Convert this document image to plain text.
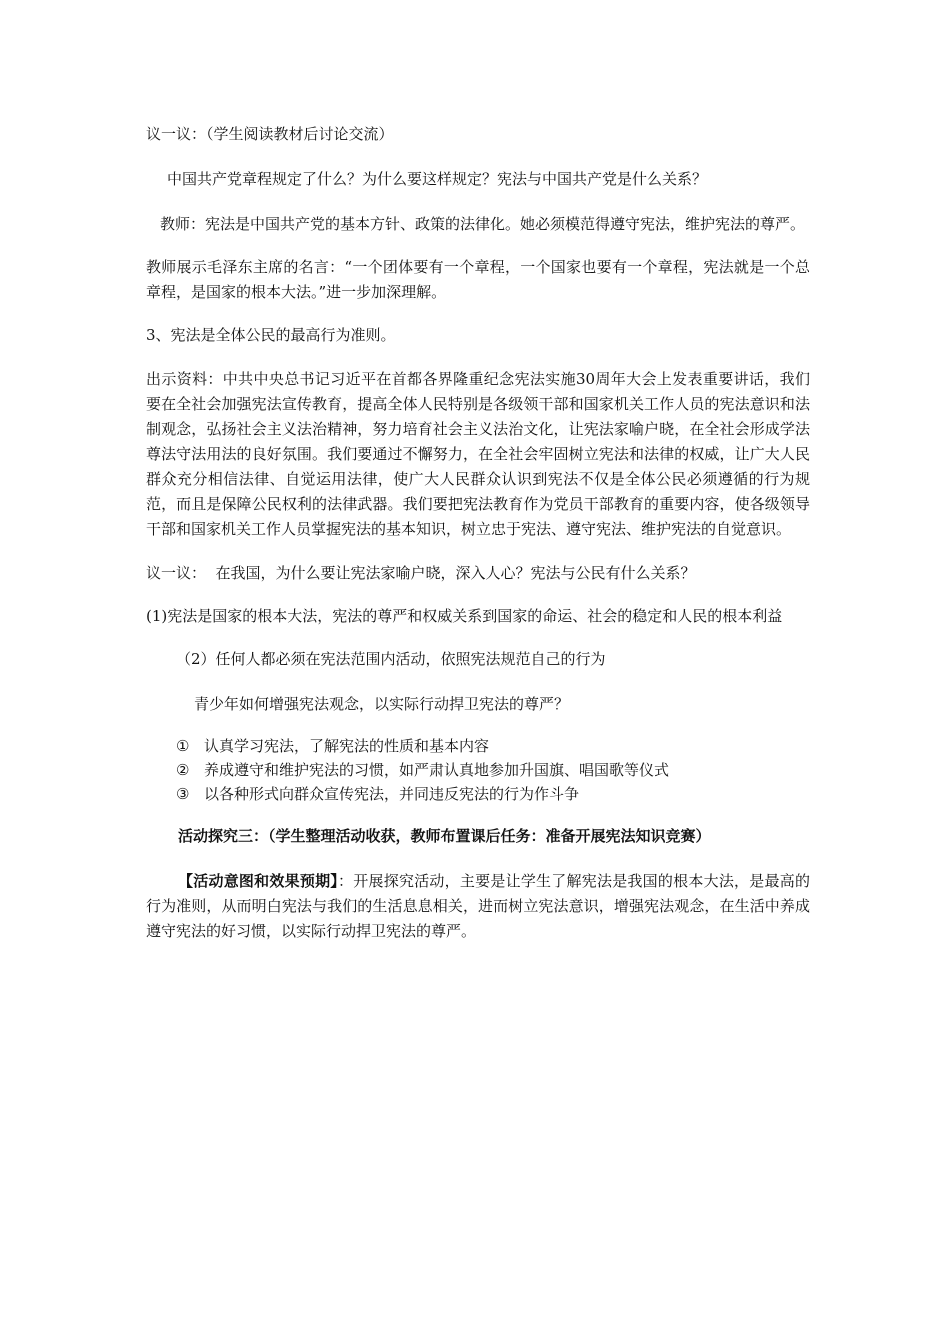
议一议：（学生阅读教材后讨论交流）

中国共产党章程规定了什么？为什么要这样规定？宪法与中国共产党是什么关系？

教师：宪法是中国共产党的基本方针、政策的法律化。她必须模范得遵守宪法，维护宪法的尊严。

教师展示毛泽东主席的名言：“一个团体要有一个章程，一个国家也要有一个章程，宪法就是一个总章程，是国家的根本大法。”进一步加深理解。

3、宪法是全体公民的最高行为准则。

出示资料：中共中央总书记习近平在首都各界隆重纪念宪法实施30周年大会上发表重要讲话，我们要在全社会加强宪法宣传教育，提高全体人民特别是各级领干部和国家机关工作人员的宪法意识和法制观念，弘扬社会主义法治精神，努力培育社会主义法治文化，让宪法家喻户晓，在全社会形成学法尊法守法用法的良好氛围。我们要通过不懈努力，在全社会牢固树立宪法和法律的权威，让广大人民群众充分相信法律、自觉运用法律，使广大人民群众认识到宪法不仅是全体公民必须遵循的行为规范，而且是保障公民权利的法律武器。我们要把宪法教育作为党员干部教育的重要内容，使各级领导干部和国家机关工作人员掌握宪法的基本知识，树立忠于宪法、遵守宪法、维护宪法的自觉意识。

议一议：  在我国，为什么要让宪法家喻户晓，深入人心？宪法与公民有什么关系？

(1)宪法是国家的根本大法，宪法的尊严和权威关系到国家的命运、社会的稳定和人民的根本利益

（2）任何人都必须在宪法范围内活动，依照宪法规范自己的行为

青少年如何增强宪法观念，以实际行动捍卫宪法的尊严？

① 认真学习宪法，了解宪法的性质和基本内容
② 养成遵守和维护宪法的习惯，如严肃认真地参加升国旗、唱国歌等仪式
③ 以各种形式向群众宣传宪法，并同违反宪法的行为作斗争

活动探究三：（学生整理活动收获，教师布置课后任务：准备开展宪法知识竞赛）

【活动意图和效果预期】：开展探究活动，主要是让学生了解宪法是我国的根本大法，是最高的行为准则，从而明白宪法与我们的生活息息相关，进而树立宪法意识，增强宪法观念，在生活中养成遵守宪法的好习惯，以实际行动捍卫宪法的尊严。
